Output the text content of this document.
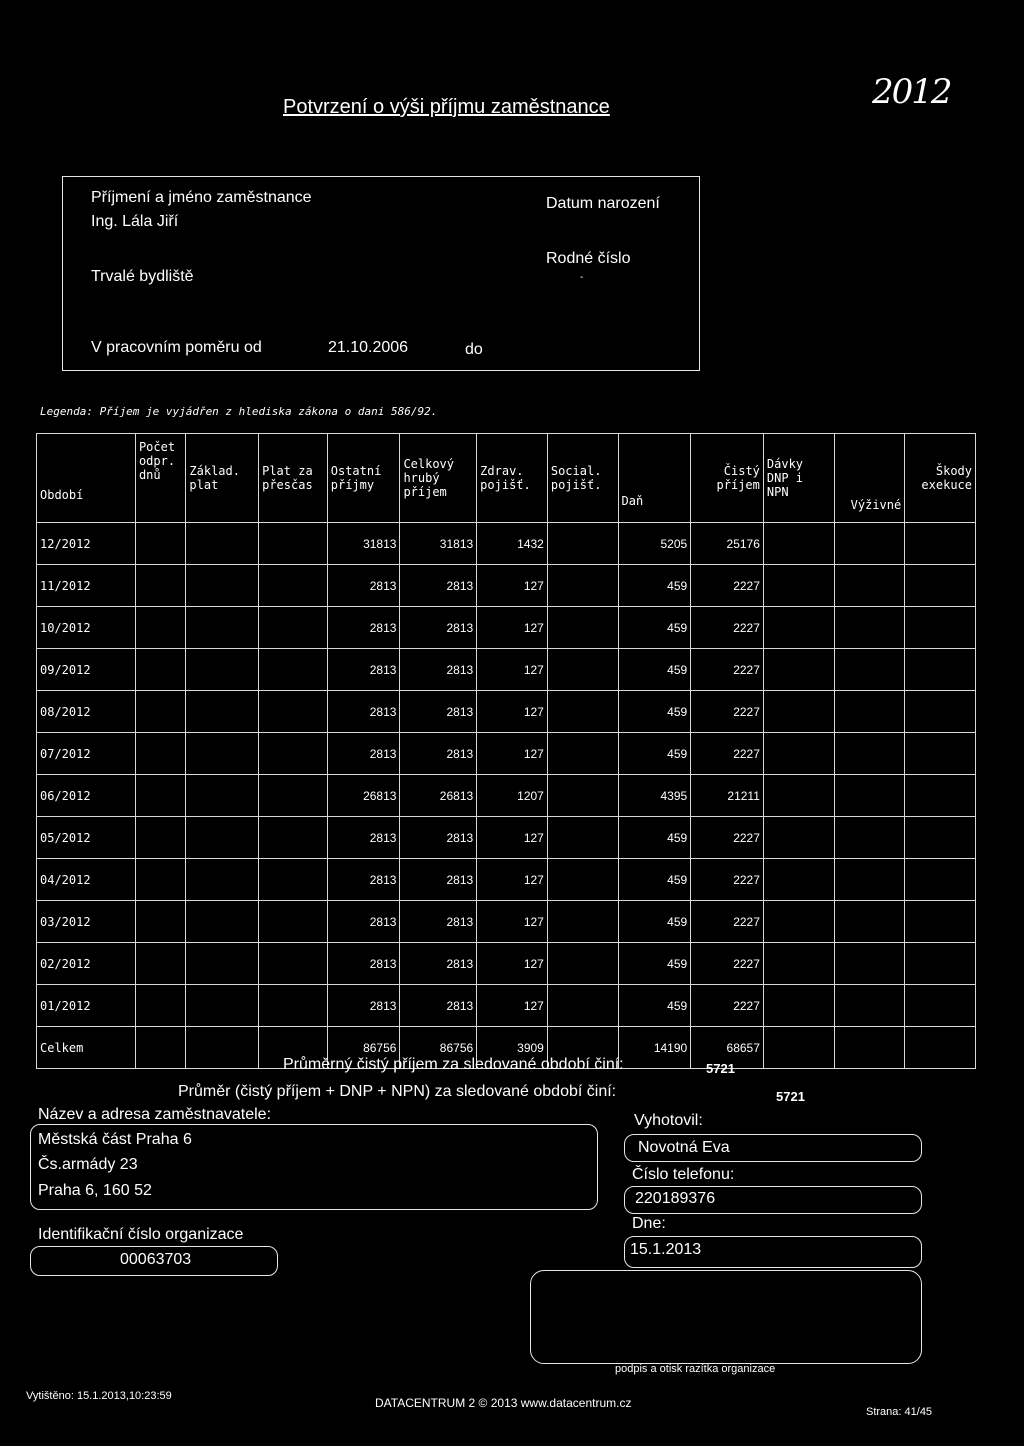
Potvrzení o výši příjmu zaměstnance	2012
Příjmení a jméno zaměstnance
Ing. Lála Jiří
Trvalé bydliště
Datum narození
Rodné číslo
-
V pracovním poměru od	21.10.2006	do
Legenda: Příjem je vyjádřen z hlediska zákona o dani 586/92.
Období	Počet odpr. dnů	Základ. plat	Plat za přesčas	Ostatní příjmy	Celkový hrubý příjem	Zdrav. pojišť.	Social. pojišť.	Daň	Čistý příjem	Dávky DNP i NPN	Výživné	Škody exekuce
12/2012				31813	31813	1432		5205	25176			
11/2012				2813	2813	127		459	2227			
10/2012				2813	2813	127		459	2227			
09/2012				2813	2813	127		459	2227			
08/2012				2813	2813	127		459	2227			
07/2012				2813	2813	127		459	2227			
06/2012				26813	26813	1207		4395	21211			
05/2012				2813	2813	127		459	2227			
04/2012				2813	2813	127		459	2227			
03/2012				2813	2813	127		459	2227			
02/2012				2813	2813	127		459	2227			
01/2012				2813	2813	127		459	2227			
Celkem				86756	86756	3909		14190	68657			
Průměrný čistý příjem za sledované období činí:	5721
Průměr (čistý příjem + DNP + NPN) za sledované období činí:	5721
Název a adresa zaměstnavatele:
Městská část Praha 6
Čs.armády 23
Praha 6, 160 52
Identifikační číslo organizace
00063703
Vyhotovil:
Novotná Eva
Číslo telefonu:
220189376
Dne:
15.1.2013
podpis a otisk razítka organizace
Vytištěno: 15.1.2013,10:23:59	DATACENTRUM 2 © 2013 www.datacentrum.cz
Strana: 41/45
